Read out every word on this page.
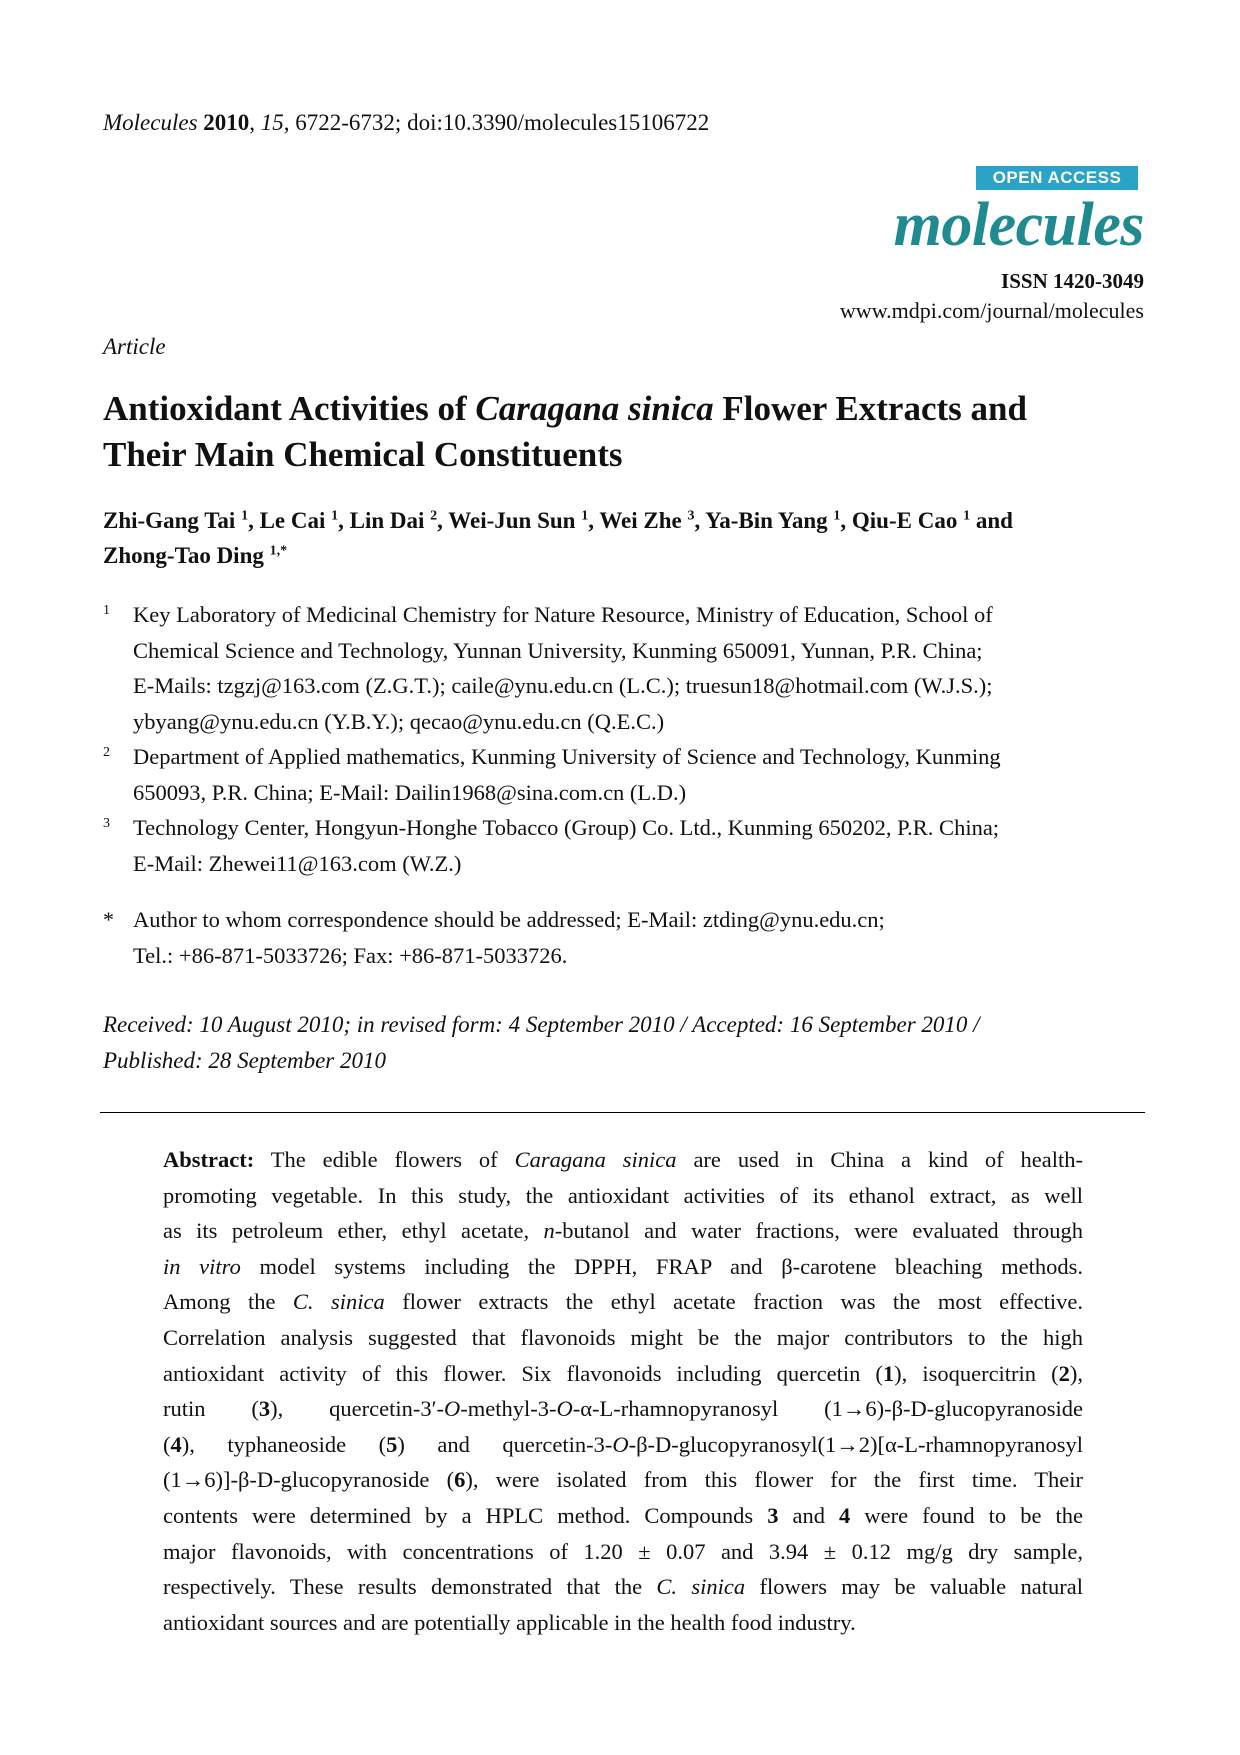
Molecules 2010, 15, 6722-6732; doi:10.3390/molecules15106722
OPEN ACCESS
molecules
ISSN 1420-3049
www.mdpi.com/journal/molecules
Article
Antioxidant Activities of Caragana sinica Flower Extracts and
Their Main Chemical Constituents
Zhi-Gang Tai $^1$, Le Cai $^1$, Lin Dai $^2$, Wei-Jun Sun $^1$, Wei Zhe $^3$, Ya-Bin Yang $^1$, Qiu-E Cao $^1$ and
Zhong-Tao Ding $^{1,*}$
1 Key Laboratory of Medicinal Chemistry for Nature Resource, Ministry of Education, School of
Chemical Science and Technology, Yunnan University, Kunming 650091, Yunnan, P.R. China;
E-Mails: tzgzj@163.com (Z.G.T.); caile@ynu.edu.cn (L.C.); truesun18@hotmail.com (W.J.S.);
ybyang@ynu.edu.cn (Y.B.Y.); qecao@ynu.edu.cn (Q.E.C.)
2 Department of Applied mathematics, Kunming University of Science and Technology, Kunming
650093, P.R. China; E-Mail: Dailin1968@sina.com.cn (L.D.)
3 Technology Center, Hongyun-Honghe Tobacco (Group) Co. Ltd., Kunming 650202, P.R. China;
E-Mail: Zhewei11@163.com (W.Z.)
* Author to whom correspondence should be addressed; E-Mail: ztding@ynu.edu.cn;
Tel.: +86-871-5033726; Fax: +86-871-5033726.
Received: 10 August 2010; in revised form: 4 September 2010 / Accepted: 16 September 2010 /
Published: 28 September 2010
Abstract: The edible flowers of Caragana sinica are used in China a kind of health-
promoting vegetable. In this study, the antioxidant activities of its ethanol extract, as well
as its petroleum ether, ethyl acetate, n-butanol and water fractions, were evaluated through
in vitro model systems including the DPPH, FRAP and β-carotene bleaching methods.
Among the C. sinica flower extracts the ethyl acetate fraction was the most effective.
Correlation analysis suggested that flavonoids might be the major contributors to the high
antioxidant activity of this flower. Six flavonoids including quercetin (1), isoquercitrin (2),
rutin (3), quercetin-3′-O-methyl-3-O-α-L-rhamnopyranosyl (1→6)-β-D-glucopyranoside
(4), typhaneoside (5) and quercetin-3-O-β-D-glucopyranosyl(1→2)[α-L-rhamnopyranosyl
(1→6)]-β-D-glucopyranoside (6), were isolated from this flower for the first time. Their
contents were determined by a HPLC method. Compounds 3 and 4 were found to be the
major flavonoids, with concentrations of 1.20 ± 0.07 and 3.94 ± 0.12 mg/g dry sample,
respectively. These results demonstrated that the C. sinica flowers may be valuable natural
antioxidant sources and are potentially applicable in the health food industry.
